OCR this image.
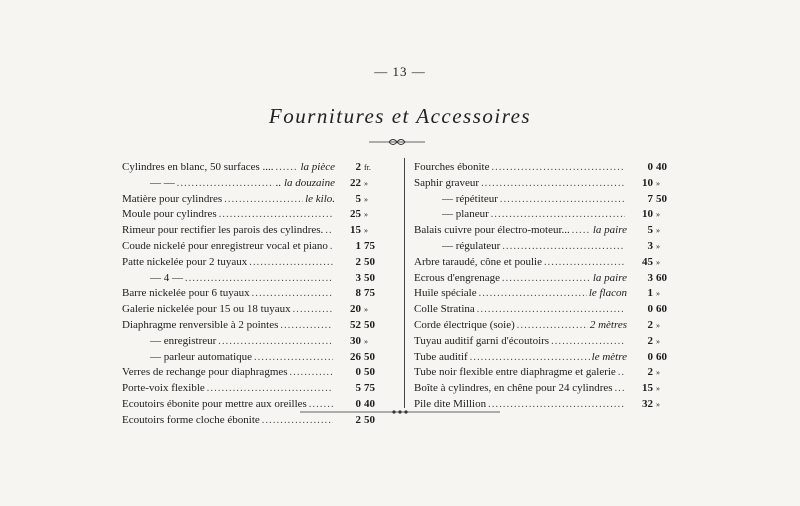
— 13 —
Fournitures et Accessoires
Cylindres en blanc, 50 surfaces .... ..... la pièce	2 fr.
— — .....	.. la douzaine	22 »
Matière pour cylindres .....	le kilo.	5 »
Moule pour cylindres .....	25 »
Rimeur pour rectifier les parois des cylindres. .....	15 »
Coude nickelé pour enregistreur vocal et piano .....	1 75
Patte nickelée pour 2 tuyaux .....	2 50
— 4 — .....	3 50
Barre nickelée pour 6 tuyaux .....	8 75
Galerie nickelée pour 15 ou 18 tuyaux .....	20 »
Diaphragme renversible à 2 pointes .....	52 50
— enregistreur .....	30 »
— parleur automatique .....	26 50
Verres de rechange pour diaphragmes .....	0 50
Porte-voix flexible .....	5 75
Ecoutoirs ébonite pour mettre aux oreilles .....	0 40
Ecoutoirs forme cloche ébonite .....	2 50
Fourches ébonite .....	0 40
Saphir graveur .....	10 »
— répétiteur .....	7 50
— planeur .....	10 »
Balais cuivre pour électro-moteur... ..... la paire	5 »
— régulateur .....	3 »
Arbre taraudé, cône et poulie .....	45 »
Ecrous d'engrenage .....	la paire	3 60
Huile spéciale .....	le flacon	1 »
Colle Stratina .....	0 60
Corde électrique (soie) .....	2 mètres	2 »
Tuyau auditif garni d'écoutoirs .....	2 »
Tube auditif .....	le mètre	0 60
Tube noir flexible entre diaphragme et galerie .....	2 »
Boîte à cylindres, en chêne pour 24 cylindres .....	15 »
Pile dite Million .....	32 »
